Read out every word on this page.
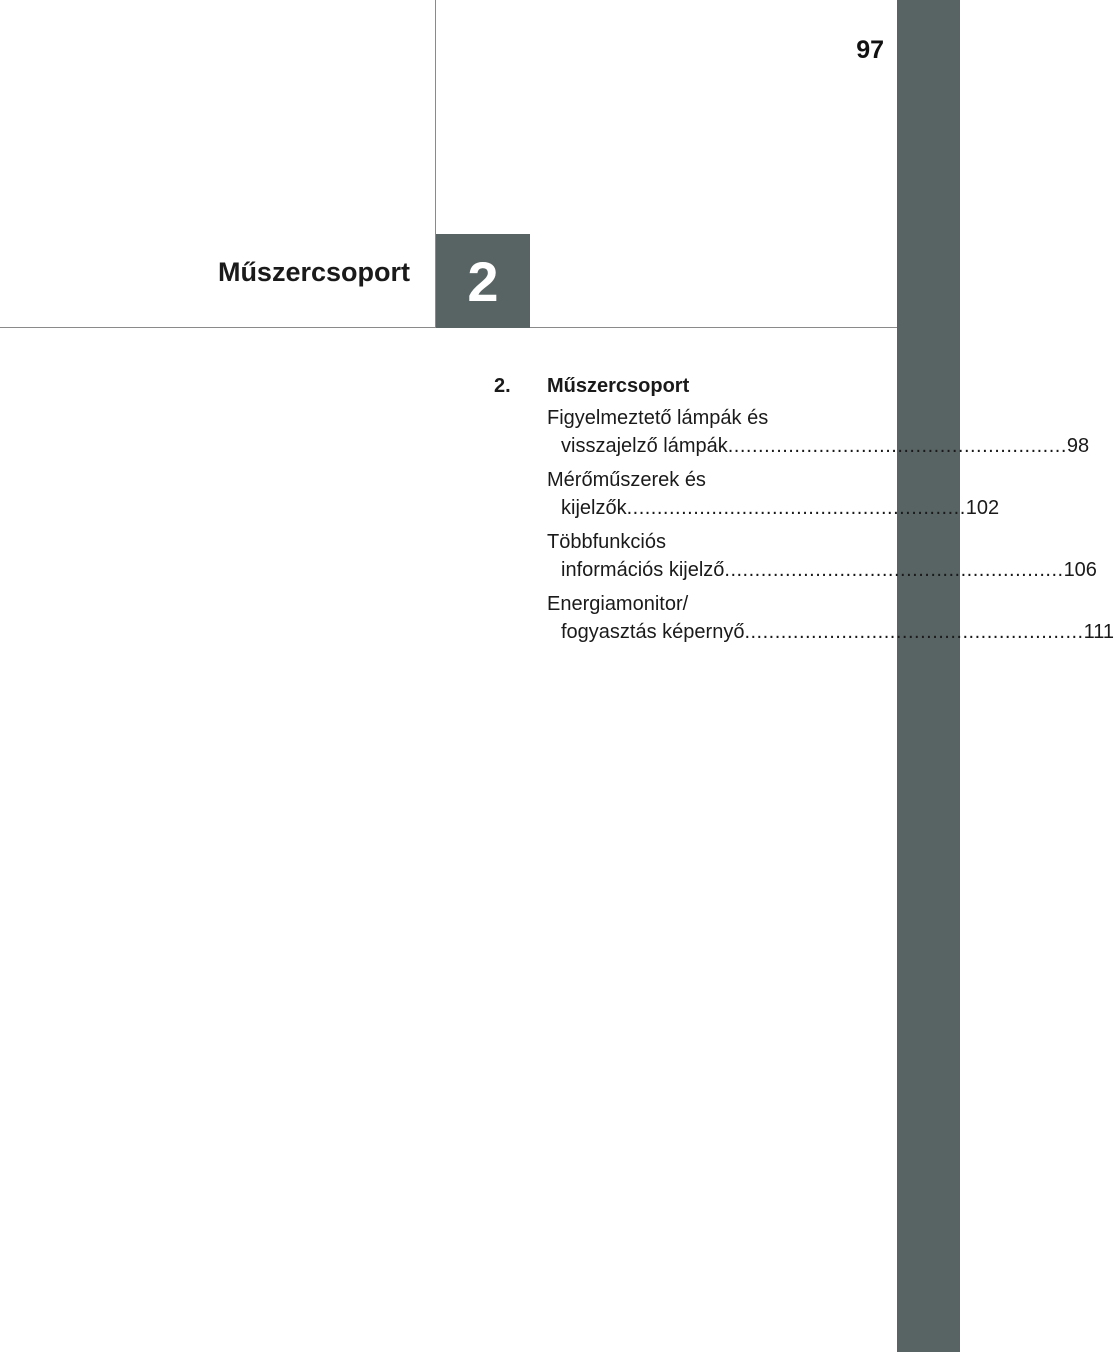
97
Műszercsoport 2
2.	Műszercsoport
Figyelmeztető lámpák és
visszajelző lámpák ........................................................ 98
Mérőműszerek és
kijelzők ........................................................ 102
Többfunkciós
információs kijelző ........................................................ 106
Energiamonitor/
fogyasztás képernyő ........................................................ 111
